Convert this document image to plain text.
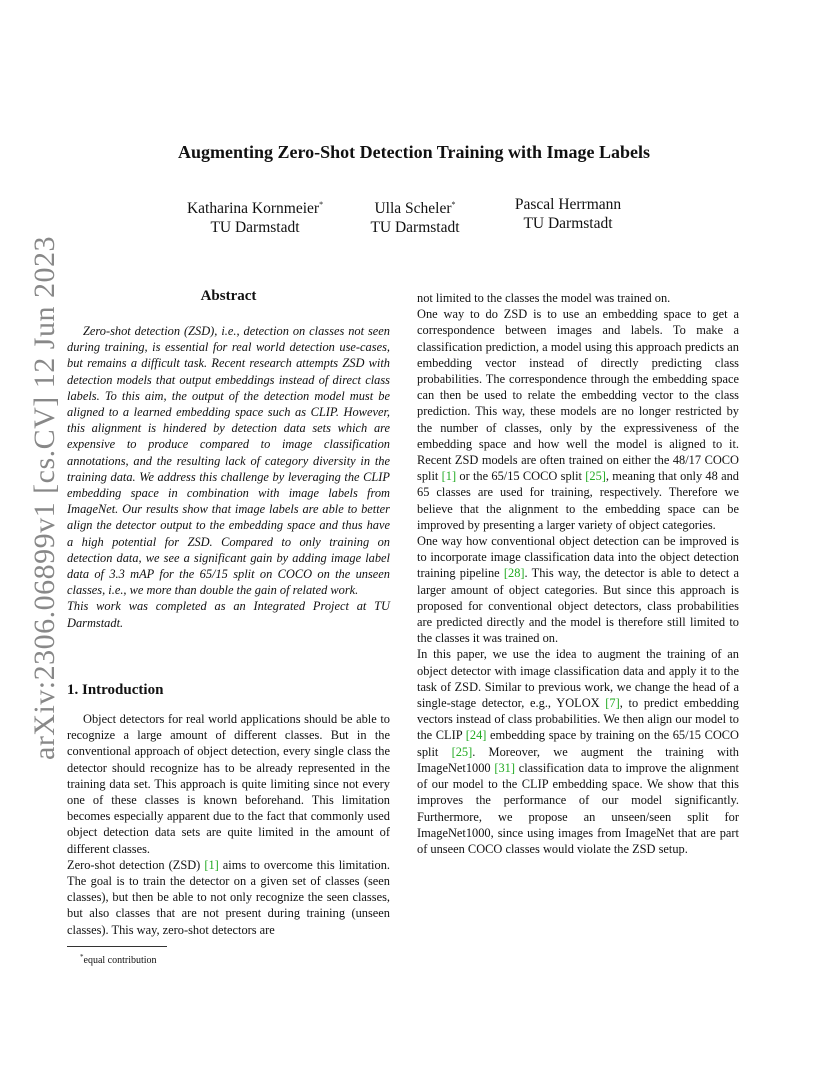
arXiv:2306.06899v1 [cs.CV] 12 Jun 2023
Augmenting Zero-Shot Detection Training with Image Labels
Katharina Kornmeier*
TU Darmstadt
Ulla Scheler*
TU Darmstadt
Pascal Herrmann
TU Darmstadt
Abstract

Zero-shot detection (ZSD), i.e., detection on classes not seen during training, is essential for real world detection use-cases, but remains a difficult task. Recent research attempts ZSD with detection models that output embeddings instead of direct class labels. To this aim, the output of the detection model must be aligned to a learned embedding space such as CLIP. However, this alignment is hindered by detection data sets which are expensive to produce compared to image classification annotations, and the resulting lack of category diversity in the training data. We address this challenge by leveraging the CLIP embedding space in combination with image labels from ImageNet. Our results show that image labels are able to better align the detector output to the embedding space and thus have a high potential for ZSD. Compared to only training on detection data, we see a significant gain by adding image label data of 3.3 mAP for the 65/15 split on COCO on the unseen classes, i.e., we more than double the gain of related work.

This work was completed as an Integrated Project at TU Darmstadt.

1. Introduction

Object detectors for real world applications should be able to recognize a large amount of different classes. But in the conventional approach of object detection, every single class the detector should recognize has to be already represented in the training data set. This approach is quite limiting since not every one of these classes is known beforehand. This limitation becomes especially apparent due to the fact that commonly used object detection data sets are quite limited in the amount of different classes.

Zero-shot detection (ZSD) [1] aims to overcome this limitation. The goal is to train the detector on a given set of classes (seen classes), but then be able to not only recognize the seen classes, but also classes that are not present during training (unseen classes). This way, zero-shot detectors are

not limited to the classes the model was trained on.

One way to do ZSD is to use an embedding space to get a correspondence between images and labels. To make a classification prediction, a model using this approach predicts an embedding vector instead of directly predicting class probabilities. The correspondence through the embedding space can then be used to relate the embedding vector to the class prediction. This way, these models are no longer restricted by the number of classes, only by the expressiveness of the embedding space and how well the model is aligned to it. Recent ZSD models are often trained on either the 48/17 COCO split [1] or the 65/15 COCO split [25], meaning that only 48 and 65 classes are used for training, respectively. Therefore we believe that the alignment to the embedding space can be improved by presenting a larger variety of object categories.

One way how conventional object detection can be improved is to incorporate image classification data into the object detection training pipeline [28]. This way, the detector is able to detect a larger amount of object categories. But since this approach is proposed for conventional object detectors, class probabilities are predicted directly and the model is therefore still limited to the classes it was trained on.

In this paper, we use the idea to augment the training of an object detector with image classification data and apply it to the task of ZSD. Similar to previous work, we change the head of a single-stage detector, e.g., YOLOX [7], to predict embedding vectors instead of class probabilities. We then align our model to the CLIP [24] embedding space by training on the 65/15 COCO split [25]. Moreover, we augment the training with ImageNet1000 [31] classification data to improve the alignment of our model to the CLIP embedding space. We show that this improves the performance of our model significantly. Furthermore, we propose an unseen/seen split for ImageNet1000, since using images from ImageNet that are part of unseen COCO classes would violate the ZSD setup.

*equal contribution
